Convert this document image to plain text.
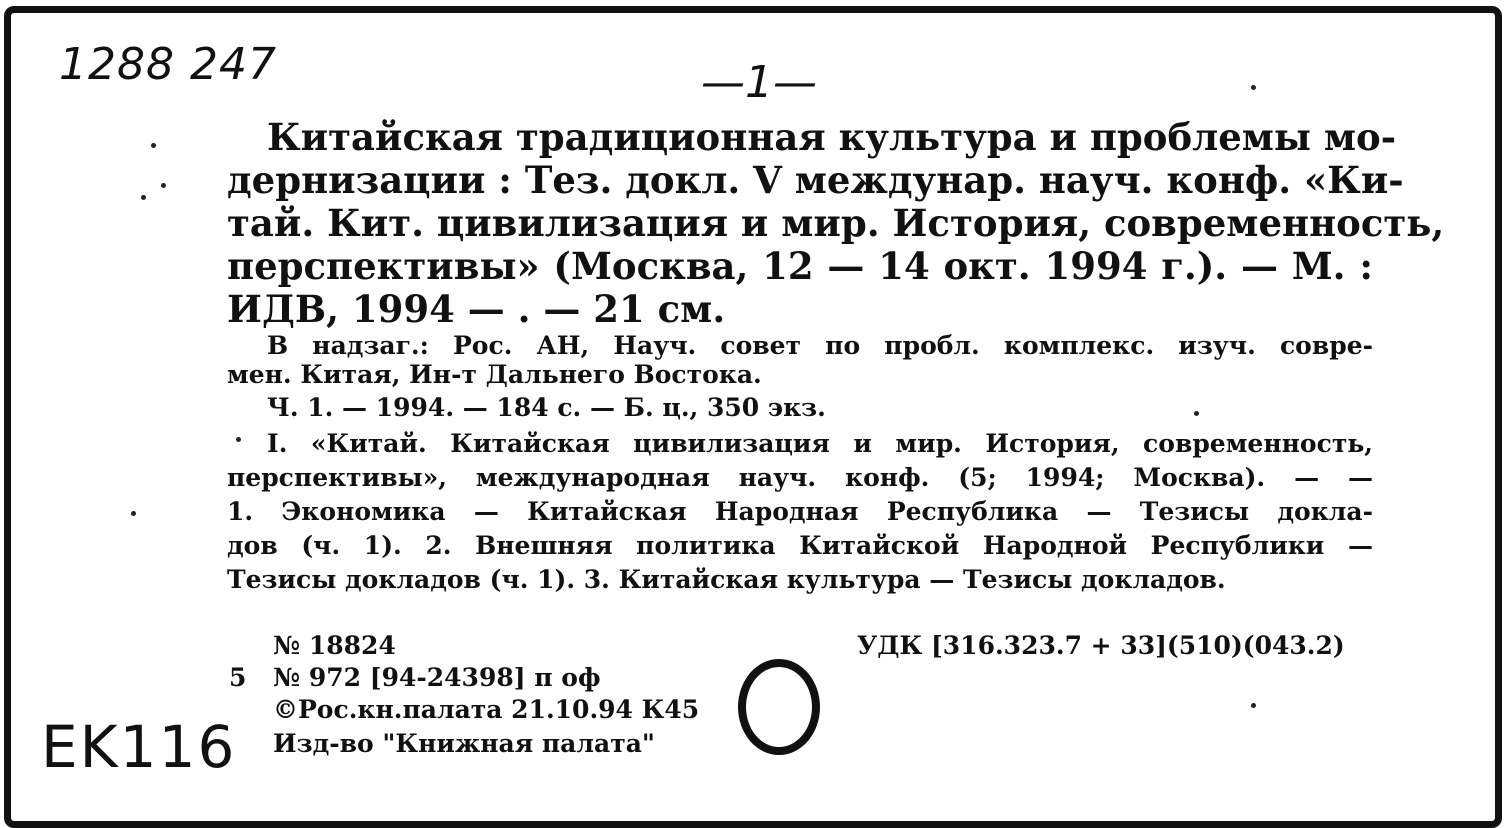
1288 247	—1—
EK116
Китайская традиционная культура и проблемы мо-
дернизации : Тез. докл. V междунар. науч. конф. «Ки-
тай. Кит. цивилизация и мир. История, современность,
перспективы» (Москва, 12 — 14 окт. 1994 г.). — М. :
ИДВ, 1994 — . — 21 см.
В надзаг.: Рос. АН, Науч. совет по пробл. комплекс. изуч. совре-
мен. Китая, Ин-т Дальнего Востока.
Ч. 1. — 1994. — 184 с. — Б. ц., 350 экз.
I. «Китай. Китайская цивилизация и мир. История, современность,
перспективы», международная науч. конф. (5; 1994; Москва). — —
1. Экономика — Китайская Народная Республика — Тезисы докла-
дов (ч. 1). 2. Внешняя политика Китайской Народной Республики —
Тезисы докладов (ч. 1). 3. Китайская культура — Тезисы докладов.
№ 18824	УДК [316.323.7 + 33](510)(043.2)
5 № 972 [94-24398] п оф
©Рос.кн.палата 21.10.94 К45
Изд-во "Книжная палата"
